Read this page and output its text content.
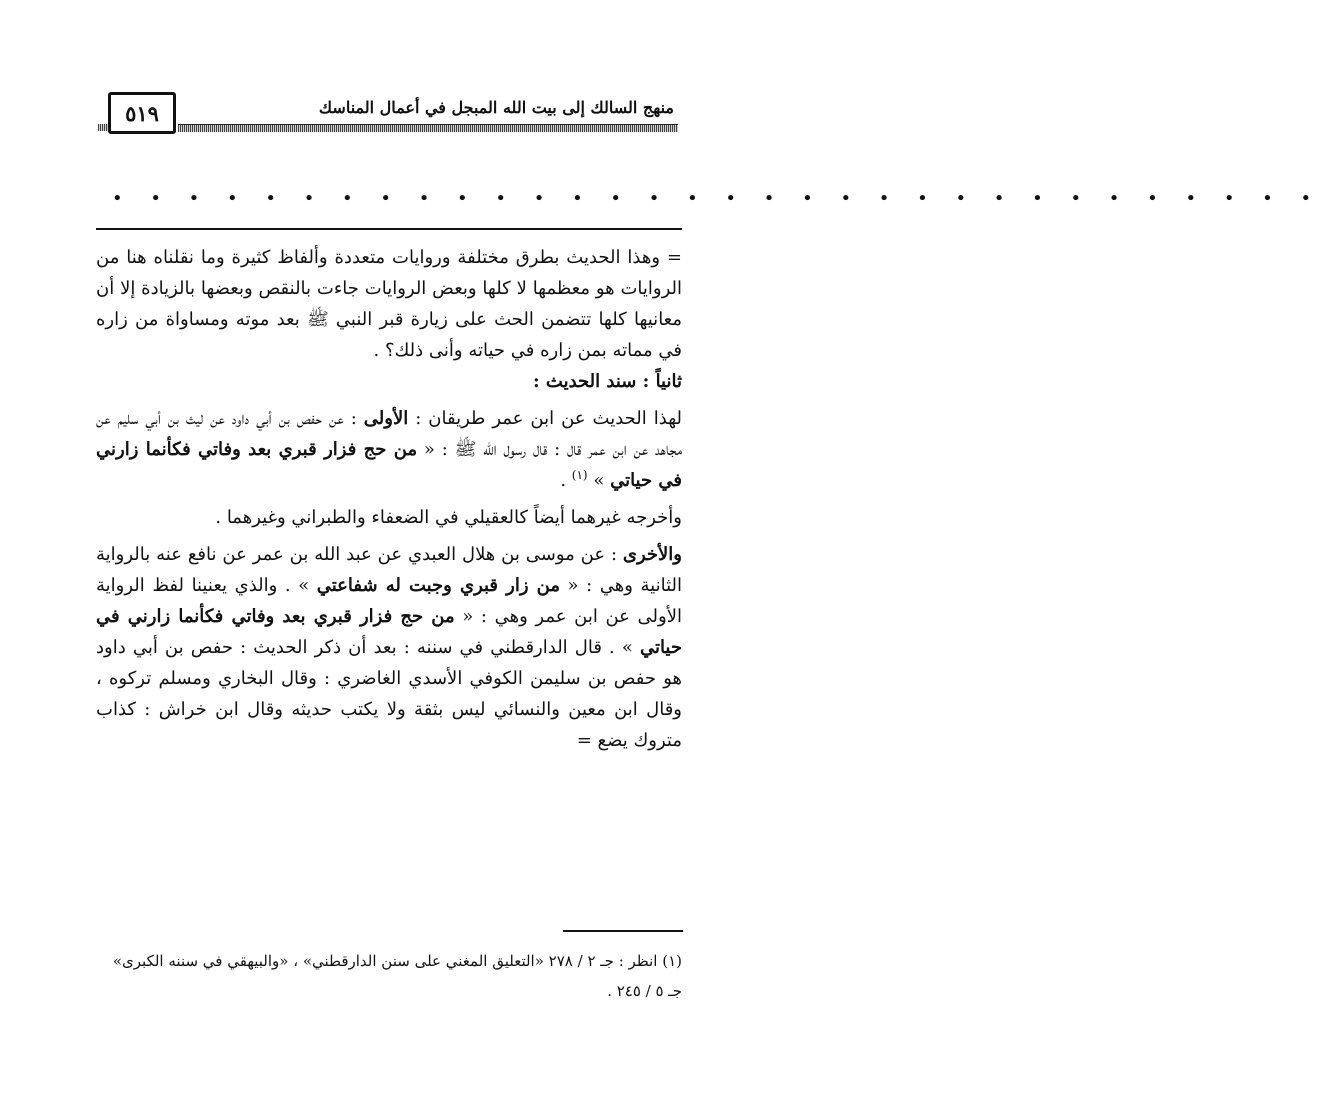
٥١٩	منهج السالك إلى بيت الله المبجل في أعمال المناسك
• • • • • • • • • • • • • • • • • • • • • • • • • • • • • • • •

= وهذا الحديث بطرق مختلفة وروايات متعددة وألفاظ كثيرة وما نقلناه هنا من الروايات هو معظمها لا كلها وبعض الروايات جاءت بالنقص وبعضها بالزيادة إلا أن معانيها كلها تتضمن الحث على زيارة قبر النبي ﷺ بعد موته ومساواة من زاره في مماته بمن زاره في حياته وأنى ذلك؟ .

ثانياً : سند الحديث :

لهذا الحديث عن ابن عمر طريقان : الأولى : عن حفص بن أبي داود عن ليث بن أبي سليم عن مجاهد عن ابن عمر قال : قال رسول الله ﷺ : « من حج فزار قبري بعد وفاتي فكأنما زارني في حياتي » $^{(١)}$ .

وأخرجه غيرهما أيضاً كالعقيلي في الضعفاء والطبراني وغيرهما .

والأخرى : عن موسى بن هلال العبدي عن عبد الله بن عمر عن نافع عنه بالرواية الثانية وهي : « من زار قبري وجبت له شفاعتي » . والذي يعنينا لفظ الرواية الأولى عن ابن عمر وهي : « من حج فزار قبري بعد وفاتي فكأنما زارني في حياتي » . قال الدارقطني في سننه : بعد أن ذكر الحديث : حفص بن أبي داود هو حفص بن سليمن الكوفي الأسدي الغاضري : وقال البخاري ومسلم تركوه ، وقال ابن معين والنسائي ليس بثقة ولا يكتب حديثه وقال ابن خراش : كذاب متروك يضع =

(١) انظر : جـ ٢ / ٢٧٨ «التعليق المغني على سنن الدارقطني» ، «والبيهقي في سننه الكبرى» جـ ٥ / ٢٤٥ .
